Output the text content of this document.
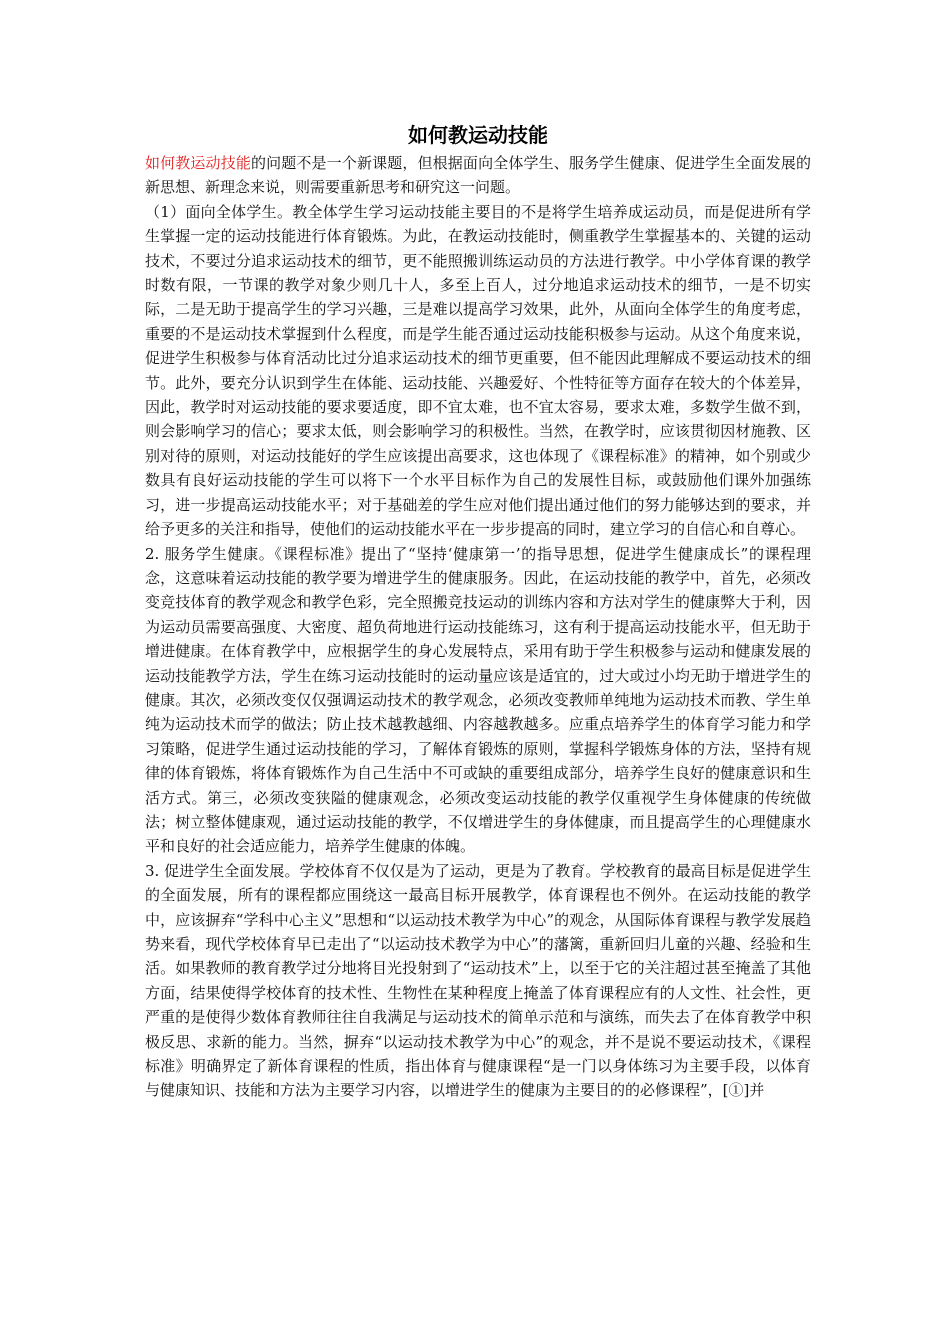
如何教运动技能

如何教运动技能的问题不是一个新课题，但根据面向全体学生、服务学生健康、促进学生全面发展的新思想、新理念来说，则需要重新思考和研究这一问题。

（1）面向全体学生。教全体学生学习运动技能主要目的不是将学生培养成运动员，而是促进所有学生掌握一定的运动技能进行体育锻炼。为此，在教运动技能时，侧重教学生掌握基本的、关键的运动技术，不要过分追求运动技术的细节，更不能照搬训练运动员的方法进行教学。中小学体育课的教学时数有限，一节课的教学对象少则几十人，多至上百人，过分地追求运动技术的细节，一是不切实际，二是无助于提高学生的学习兴趣，三是难以提高学习效果，此外，从面向全体学生的角度考虑，重要的不是运动技术掌握到什么程度，而是学生能否通过运动技能积极参与运动。从这个角度来说，促进学生积极参与体育活动比过分追求运动技术的细节更重要，但不能因此理解成不要运动技术的细节。此外，要充分认识到学生在体能、运动技能、兴趣爱好、个性特征等方面存在较大的个体差异，因此，教学时对运动技能的要求要适度，即不宜太难，也不宜太容易，要求太难，多数学生做不到，则会影响学习的信心；要求太低，则会影响学习的积极性。当然，在教学时，应该贯彻因材施教、区别对待的原则，对运动技能好的学生应该提出高要求，这也体现了《课程标准》的精神，如个别或少数具有良好运动技能的学生可以将下一个水平目标作为自己的发展性目标，或鼓励他们课外加强练习，进一步提高运动技能水平；对于基础差的学生应对他们提出通过他们的努力能够达到的要求，并给予更多的关注和指导，使他们的运动技能水平在一步步提高的同时，建立学习的自信心和自尊心。

2. 服务学生健康。《课程标准》提出了“坚持‘健康第一’的指导思想，促进学生健康成长”的课程理念，这意味着运动技能的教学要为增进学生的健康服务。因此，在运动技能的教学中，首先，必须改变竞技体育的教学观念和教学色彩，完全照搬竞技运动的训练内容和方法对学生的健康弊大于利，因为运动员需要高强度、大密度、超负荷地进行运动技能练习，这有利于提高运动技能水平，但无助于增进健康。在体育教学中，应根据学生的身心发展特点，采用有助于学生积极参与运动和健康发展的运动技能教学方法，学生在练习运动技能时的运动量应该是适宜的，过大或过小均无助于增进学生的健康。其次，必须改变仅仅强调运动技术的教学观念，必须改变教师单纯地为运动技术而教、学生单纯为运动技术而学的做法；防止技术越教越细、内容越教越多。应重点培养学生的体育学习能力和学习策略，促进学生通过运动技能的学习，了解体育锻炼的原则，掌握科学锻炼身体的方法，坚持有规律的体育锻炼，将体育锻炼作为自己生活中不可或缺的重要组成部分，培养学生良好的健康意识和生活方式。第三，必须改变狭隘的健康观念，必须改变运动技能的教学仅重视学生身体健康的传统做法；树立整体健康观，通过运动技能的教学，不仅增进学生的身体健康，而且提高学生的心理健康水平和良好的社会适应能力，培养学生健康的体魄。

3. 促进学生全面发展。学校体育不仅仅是为了运动，更是为了教育。学校教育的最高目标是促进学生的全面发展，所有的课程都应围绕这一最高目标开展教学，体育课程也不例外。在运动技能的教学中，应该摒弃“学科中心主义”思想和“以运动技术教学为中心”的观念，从国际体育课程与教学发展趋势来看，现代学校体育早已走出了“以运动技术教学为中心”的藩篱，重新回归儿童的兴趣、经验和生活。如果教师的教育教学过分地将目光投射到了“运动技术”上，以至于它的关注超过甚至掩盖了其他方面，结果使得学校体育的技术性、生物性在某种程度上掩盖了体育课程应有的人文性、社会性，更严重的是使得少数体育教师往往自我满足与运动技术的简单示范和与演练，而失去了在体育教学中积极反思、求新的能力。当然，摒弃“以运动技术教学为中心”的观念，并不是说不要运动技术，《课程标准》明确界定了新体育课程的性质，指出体育与健康课程“是一门以身体练习为主要手段，以体育与健康知识、技能和方法为主要学习内容，以增进学生的健康为主要目的的必修课程”，[①]并
